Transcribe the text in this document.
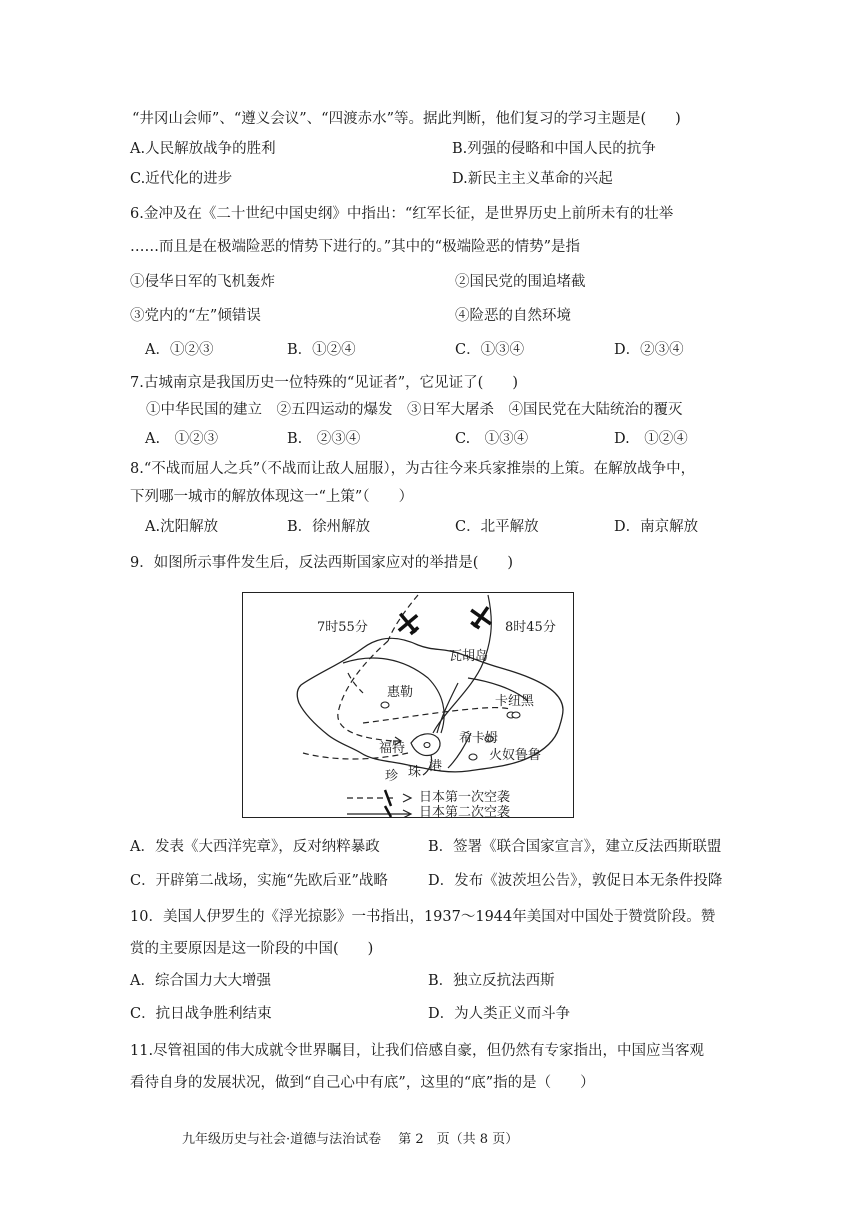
“井冈山会师”、“遵义会议”、“四渡赤水”等。据此判断，他们复习的学习主题是(　　)
A.人民解放战争的胜利	B.列强的侵略和中国人民的抗争
C.近代化的进步	D.新民主主义革命的兴起
6.金冲及在《二十世纪中国史纲》中指出：“红军长征，是世界历史上前所未有的壮举
……而且是在极端险恶的情势下进行的。”其中的“极端险恶的情势”是指
①侵华日军的飞机轰炸	②国民党的围追堵截
③党内的“左”倾错误	④险恶的自然环境
A．①②③	B．①②④	C．①③④	D．②③④
7.古城南京是我国历史一位特殊的“见证者”，它见证了(　　)
①中华民国的建立　②五四运动的爆发　③日军大屠杀　④国民党在大陆统治的覆灭
A.　①②③	B.　②③④	C.　①③④	D.　①②④
8.“不战而屈人之兵”（不战而让敌人屈服），为古往今来兵家推崇的上策。在解放战争中，
下列哪一城市的解放体现这一“上策”（　　）
A.沈阳解放	B．徐州解放	C．北平解放	D．南京解放
9．如图所示事件发生后，反法西斯国家应对的举措是(　　)
7时55分	8时45分
瓦胡岛
惠勒
卡纽黑
希卡姆
福特	火奴鲁鲁
珍 珠 港
日本第一次空袭
日本第二次空袭
A．发表《大西洋宪章》，反对纳粹暴政	B．签署《联合国家宣言》，建立反法西斯联盟
C．开辟第二战场，实施“先欧后亚”战略	D．发布《波茨坦公告》，敦促日本无条件投降
10．美国人伊罗生的《浮光掠影》一书指出，1937～1944年美国对中国处于赞赏阶段。赞
赏的主要原因是这一阶段的中国(　　)
A．综合国力大大增强	B．独立反抗法西斯
C．抗日战争胜利结束	D．为人类正义而斗争
11.尽管祖国的伟大成就令世界瞩目，让我们倍感自豪，但仍然有专家指出，中国应当客观
看待自身的发展状况，做到“自己心中有底”，这里的“底”指的是（　　）
九年级历史与社会·道德与法治试卷　 第 2　页（共 8 页）
